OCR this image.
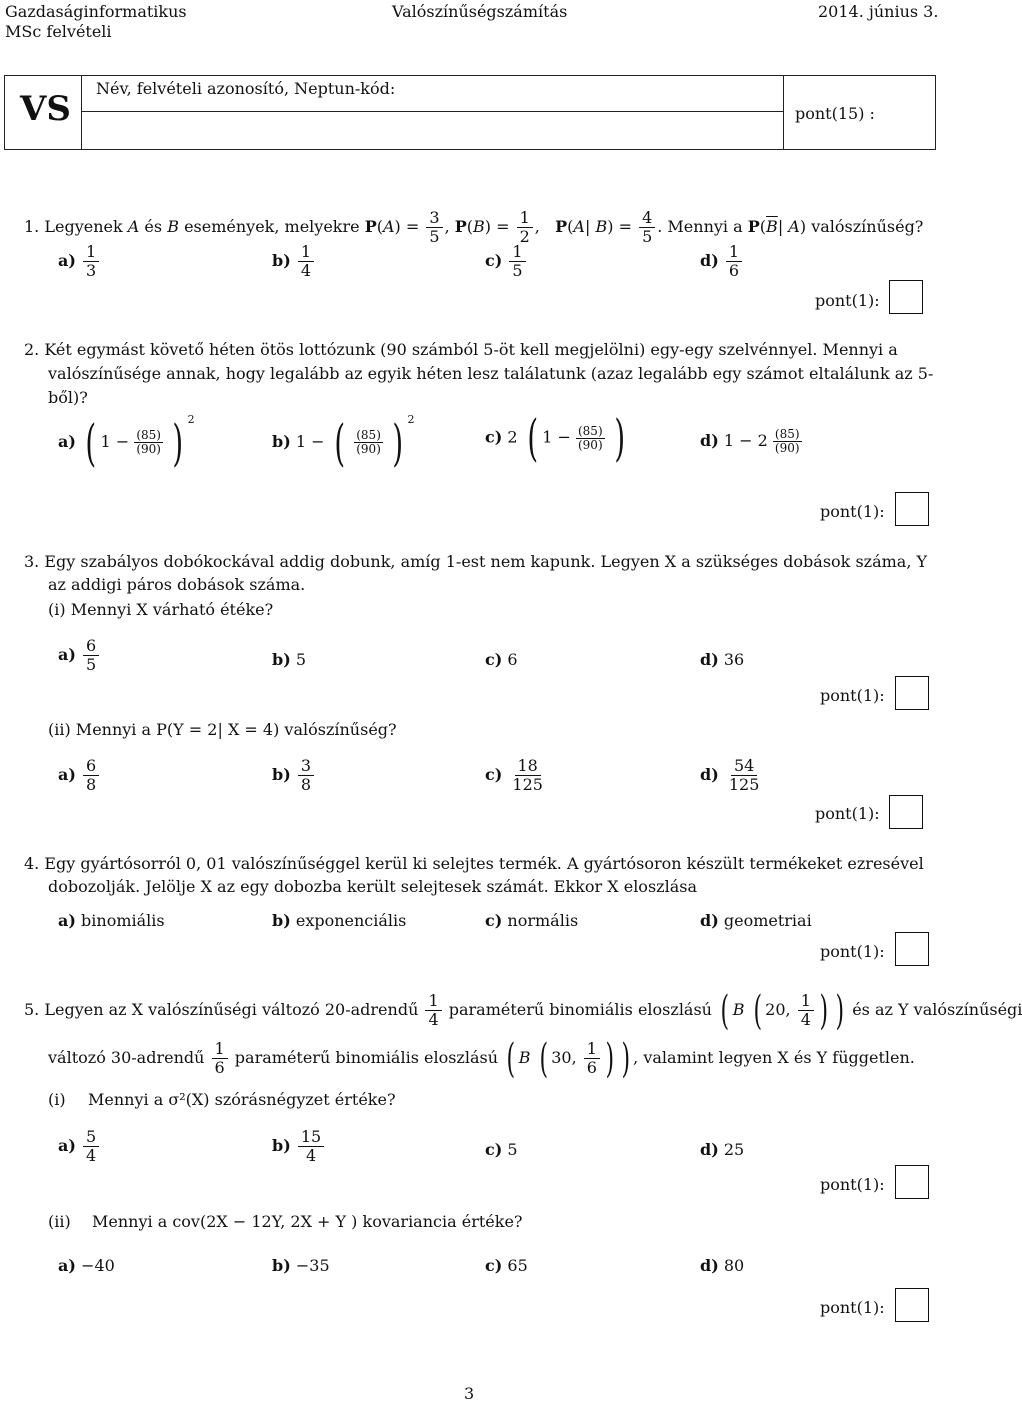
Gazdaságinformatikus
MSc felvételi
Valószínűségszámítás	2014. június 3.
VS
Név, felvételi azonosító, Neptun-kód:
pont(15) :
1. Legyenek A és B események, melyekre $P(A) = \frac{3}{5}$ , $P(B) = \frac{1}{2}$ ,   P(A| $B) = \frac{4}{5}$ . Mennyi a $P(\overline{B}|$ A) valószínűség?
$a) \frac{1}{3}$	$b) \frac{1}{4}$	$c) \frac{1}{5}$	$d) \frac{1}{6}$
pont(1):
2. Két egymást követő héten ötös lottózunk (90 számból 5-öt kell megjelölni) egy-egy szelvénnyel. Mennyi a
valószínűsége annak, hogy legalább az egyik héten lesz találatunk (azaz legalább egy számot eltalálunk az 5-
ből)?
a) ( 1 − (85
)
(90) ) $^2$
b) 1 − ( $\frac{(85)}{(90)}$ ) $^2$
c) 2 ( $1 - \frac{(85)}{(90)}$ )	d) $1 - 2 \frac{(85)}{(90)}$
pont(1):
3. Egy szabályos dobókockával addig dobunk, amíg 1-est nem kapunk. Legyen X a szükséges dobások száma, Y
az addigi páros dobások száma.
(i) Mennyi X várható étéke?
$a) \frac{6}{5}$	b) 5	c) 6	d) 36
pont(1):
(ii) Mennyi a P(Y = 2| X = 4) valószínűség?
$a) \frac{6}{8}$	$b) \frac{3}{8}$	$c) \frac{18}{125}$	$d) \frac{54}{125}$
pont(1):
4. Egy gyártósorról 0, 01 valószínűséggel kerül ki selejtes termék. A gyártósoron készült termékeket ezresével
dobozolják. Jelölje X az egy dobozba került selejtesek számát. Ekkor X eloszlása
a) binomiális	b) exponenciális	c) normális	d) geometriai
pont(1):
5. Legyen az X valószínűségi változó 20-adrendű $\frac{1}{4}$ paraméterű binomiális eloszlású ( B ( 20, $\frac{1}{4}$ ) ) és az Y valószínűségi
változó 30-adrendű $\frac{1}{6}$ paraméterű binomiális eloszlású ( B ( 30, $\frac{1}{6}$ ) ) , valamint legyen X és Y független.
(i) Mennyi a σ²(X) szórásnégyzet értéke?
$a) \frac{5}{4}$	$b) \frac{15}{4}$	c) 5	d) 25
pont(1):
(ii) Mennyi a cov(2X − 12Y, 2X + Y ) kovariancia értéke?
a) −40	b) −35	c) 65	d) 80
pont(1):
3
